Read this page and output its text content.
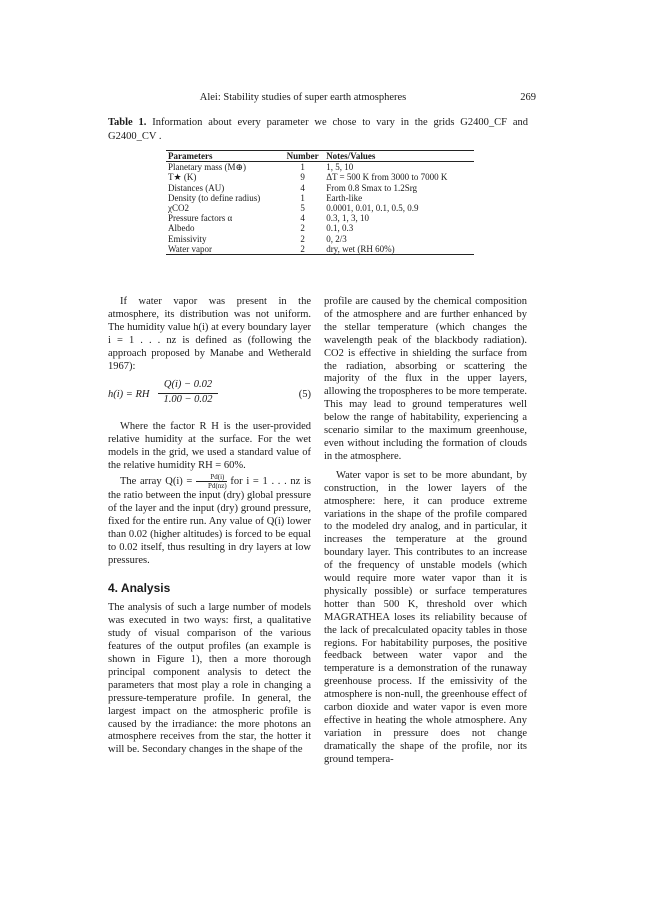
Alei: Stability studies of super earth atmospheres	269
Table 1. Information about every parameter we chose to vary in the grids G2400_CF and G2400_CV .
Parameters	Number	Notes/Values
Planetary mass (M⊕)	1	1, 5, 10
T★ (K)	9	ΔT = 500 K from 3000 to 7000 K
Distances (AU)	4	From 0.8 Smax to 1.2Srg
Density (to define radius)	1	Earth-like
χCO2	5	0.0001, 0.01, 0.1, 0.5, 0.9
Pressure factors α	4	0.3, 1, 3, 10
Albedo	2	0.1, 0.3
Emissivity	2	0, 2/3
Water vapor	2	dry, wet (RH 60%)

If water vapor was present in the atmosphere, its distribution was not uniform. The humidity value h(i) at every boundary layer i = 1 . . . nz is defined as (following the approach proposed by Manabe and Wetherald 1967):

h(i) = RH $\frac{Q(i) - 0.02}{1.00 - 0.02}$	(5)

Where the factor R H is the user-provided relative humidity at the surface. For the wet models in the grid, we used a standard value of the relative humidity RH = 60%.

The array $Q(i) = \frac{Pd(i)}{Pd(nz)}$ for i = 1 . . . nz is the ratio between the input (dry) global pressure of the layer and the input (dry) ground pressure, fixed for the entire run. Any value of Q(i) lower than 0.02 (higher altitudes) is forced to be equal to 0.02 itself, thus resulting in dry layers at low pressures.

4. Analysis

The analysis of such a large number of models was executed in two ways: first, a qualitative study of visual comparison of the various features of the output profiles (an example is shown in Figure 1), then a more thorough principal component analysis to detect the parameters that most play a role in changing a pressure-temperature profile. In general, the largest impact on the atmospheric profile is caused by the irradiance: the more photons an atmosphere receives from the star, the hotter it will be. Secondary changes in the shape of the

profile are caused by the chemical composition of the atmosphere and are further enhanced by the stellar temperature (which changes the wavelength peak of the blackbody radiation). CO2 is effective in shielding the surface from the radiation, absorbing or scattering the majority of the flux in the upper layers, allowing the tropospheres to be more temperate. This may lead to ground temperatures well below the range of habitability, experiencing a scenario similar to the maximum greenhouse, even without including the formation of clouds in the atmosphere.

Water vapor is set to be more abundant, by construction, in the lower layers of the atmosphere: here, it can produce extreme variations in the shape of the profile compared to the modeled dry analog, and in particular, it increases the temperature at the ground boundary layer. This contributes to an increase of the frequency of unstable models (which would require more water vapor than it is physically possible) or surface temperatures hotter than 500 K, threshold over which MAGRATHEA loses its reliability because of the lack of precalculated opacity tables in those regions. For habitability purposes, the positive feedback between water vapor and the temperature is a demonstration of the runaway greenhouse process. If the emissivity of the atmosphere is non-null, the greenhouse effect of carbon dioxide and water vapor is even more effective in heating the whole atmosphere. Any variation in pressure does not change dramatically the shape of the profile, nor its ground tempera-
